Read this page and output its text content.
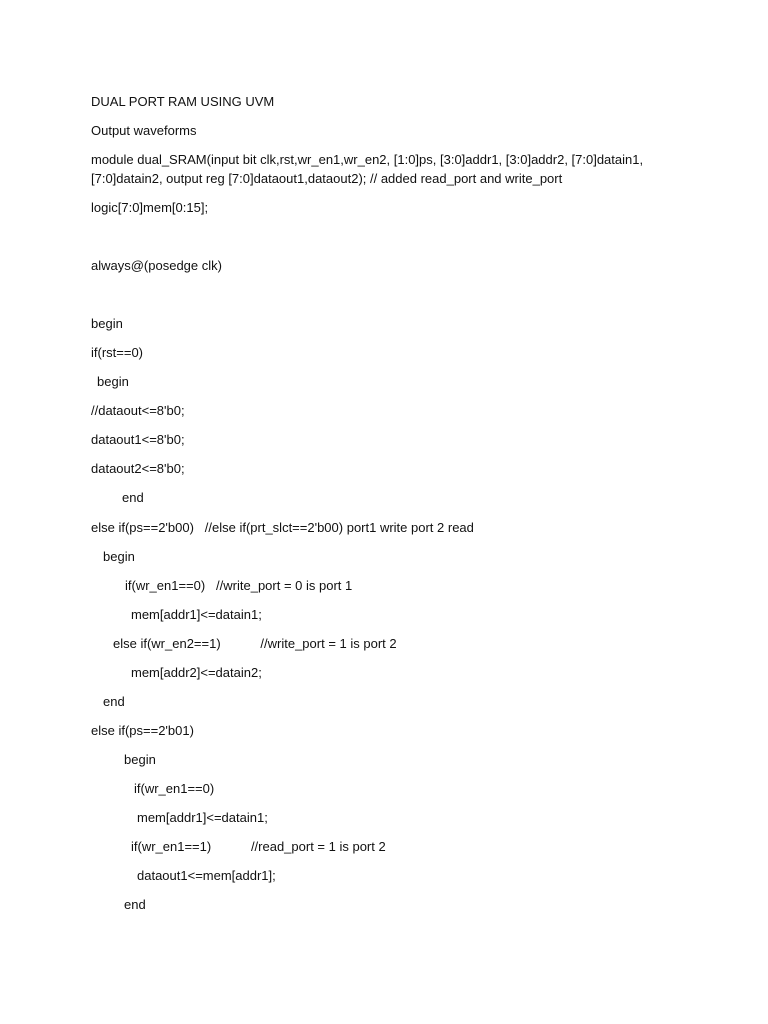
DUAL PORT RAM USING UVM

Output waveforms

module dual_SRAM(input bit clk,rst,wr_en1,wr_en2, [1:0]ps, [3:0]addr1, [3:0]addr2, [7:0]datain1,

[7:0]datain2, output reg [7:0]dataout1,dataout2); // added read_port and write_port

logic[7:0]mem[0:15];

always@(posedge clk)

begin

if(rst==0)

begin

//dataout<=8'b0;

dataout1<=8'b0;

dataout2<=8'b0;

end

else if(ps==2'b00)   //else if(prt_slct==2'b00) port1 write port 2 read

begin

if(wr_en1==0)   //write_port = 0 is port 1

mem[addr1]<=datain1;

else if(wr_en2==1)           //write_port = 1 is port 2

mem[addr2]<=datain2;

end

else if(ps==2'b01)

begin

if(wr_en1==0)

mem[addr1]<=datain1;

if(wr_en1==1)           //read_port = 1 is port 2

dataout1<=mem[addr1];

end
